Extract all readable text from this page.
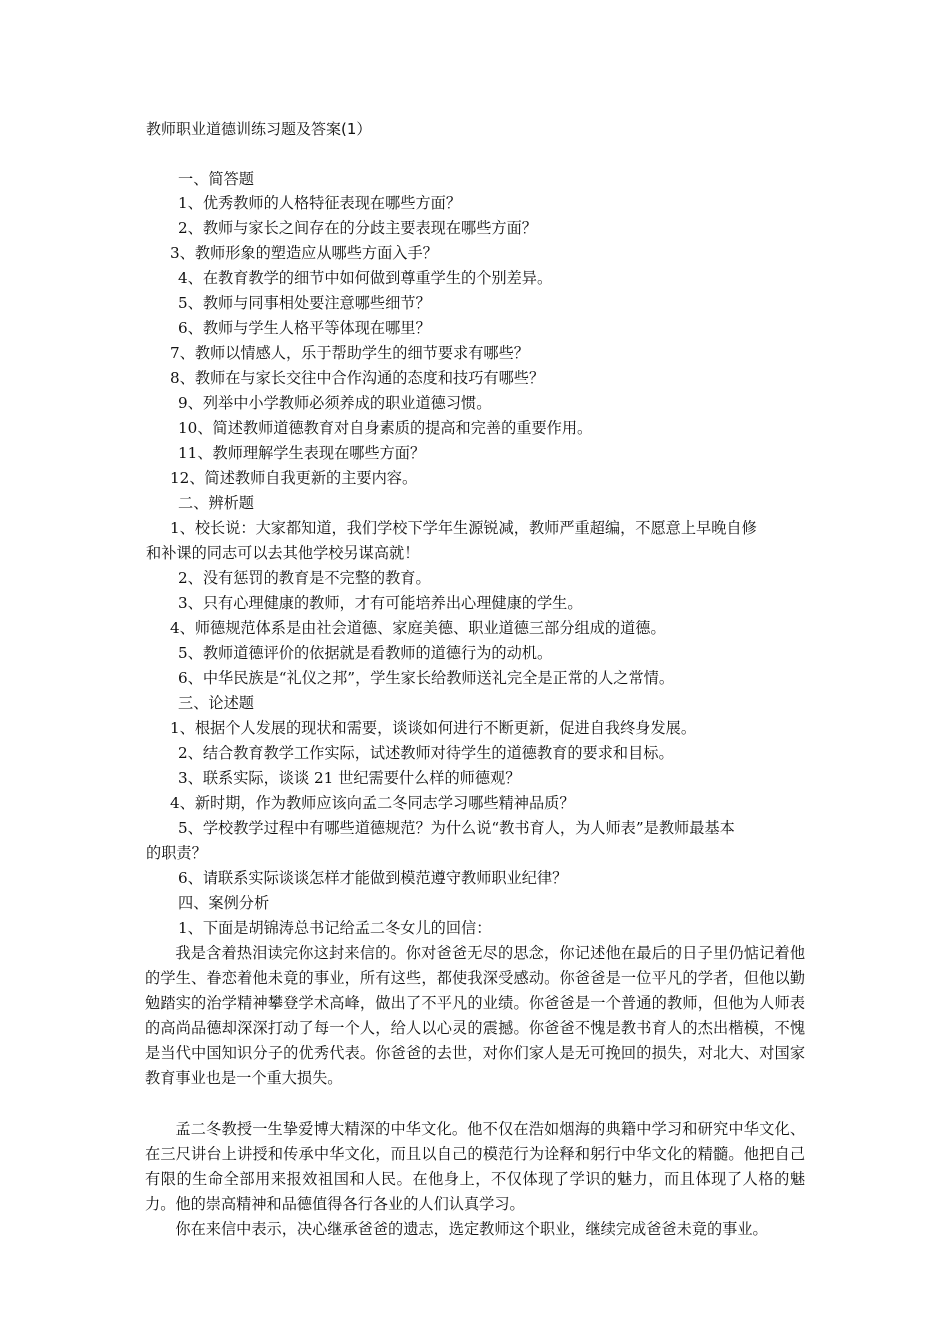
教师职业道德训练习题及答案(1）
一、简答题
1、优秀教师的人格特征表现在哪些方面？
2、教师与家长之间存在的分歧主要表现在哪些方面？
3、教师形象的塑造应从哪些方面入手？
4、在教育教学的细节中如何做到尊重学生的个别差异。
5、教师与同事相处要注意哪些细节？
6、教师与学生人格平等体现在哪里？
7、教师以情感人，乐于帮助学生的细节要求有哪些？
8、教师在与家长交往中合作沟通的态度和技巧有哪些？
9、列举中小学教师必须养成的职业道德习惯。
10、简述教师道德教育对自身素质的提高和完善的重要作用。
11、教师理解学生表现在哪些方面？
12、简述教师自我更新的主要内容。
二、辨析题
1、校长说：大家都知道，我们学校下学年生源锐减，教师严重超编，不愿意上早晚自修
和补课的同志可以去其他学校另谋高就！
2、没有惩罚的教育是不完整的教育。
3、只有心理健康的教师，才有可能培养出心理健康的学生。
4、师德规范体系是由社会道德、家庭美德、职业道德三部分组成的道德。
5、教师道德评价的依据就是看教师的道德行为的动机。
6、中华民族是“礼仪之邦”，学生家长给教师送礼完全是正常的人之常情。
三、论述题
1、根据个人发展的现状和需要，谈谈如何进行不断更新，促进自我终身发展。
2、结合教育教学工作实际，试述教师对待学生的道德教育的要求和目标。
3、联系实际，谈谈 21 世纪需要什么样的师德观？
4、新时期，作为教师应该向孟二冬同志学习哪些精神品质？
5、学校教学过程中有哪些道德规范？为什么说“教书育人，为人师表”是教师最基本
的职责？
6、请联系实际谈谈怎样才能做到模范遵守教师职业纪律？
四、案例分析
1、下面是胡锦涛总书记给孟二冬女儿的回信：

我是含着热泪读完你这封来信的。你对爸爸无尽的思念，你记述他在最后的日子里仍惦记着他的学生、眷恋着他未竟的事业，所有这些，都使我深受感动。你爸爸是一位平凡的学者，但他以勤勉踏实的治学精神攀登学术高峰，做出了不平凡的业绩。你爸爸是一个普通的教师，但他为人师表的高尚品德却深深打动了每一个人，给人以心灵的震撼。你爸爸不愧是教书育人的杰出楷模，不愧是当代中国知识分子的优秀代表。你爸爸的去世，对你们家人是无可挽回的损失，对北大、对国家教育事业也是一个重大损失。

孟二冬教授一生挚爱博大精深的中华文化。他不仅在浩如烟海的典籍中学习和研究中华文化、在三尺讲台上讲授和传承中华文化，而且以自己的模范行为诠释和躬行中华文化的精髓。他把自己有限的生命全部用来报效祖国和人民。在他身上，不仅体现了学识的魅力，而且体现了人格的魅力。他的崇高精神和品德值得各行各业的人们认真学习。

你在来信中表示，决心继承爸爸的遗志，选定教师这个职业，继续完成爸爸未竟的事业。
